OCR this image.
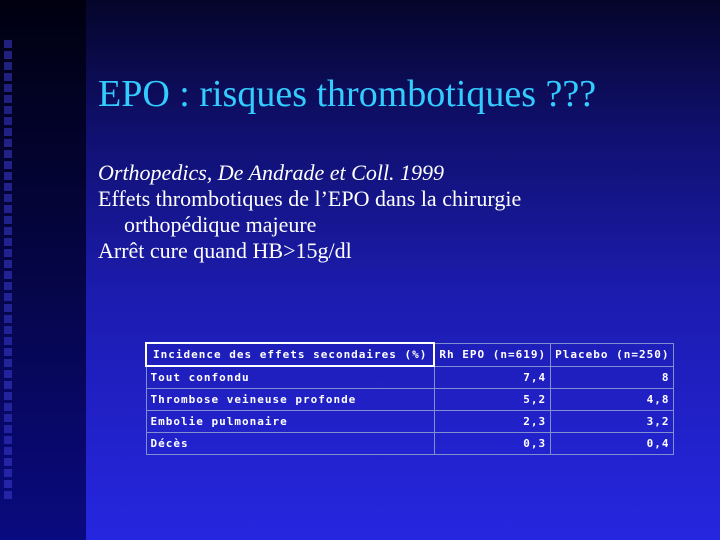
EPO : risques thrombotiques ???

Orthopedics, De Andrade et Coll. 1999

Effets thrombotiques de l’EPO dans la chirurgie

orthopédique majeure

Arrêt cure quand HB>15g/dl

Incidence des effets secondaires (%)	Rh EPO (n=619)	Placebo (n=250)
Tout confondu	7,4	8
Thrombose veineuse profonde	5,2	4,8
Embolie pulmonaire	2,3	3,2
Décès	0,3	0,4
